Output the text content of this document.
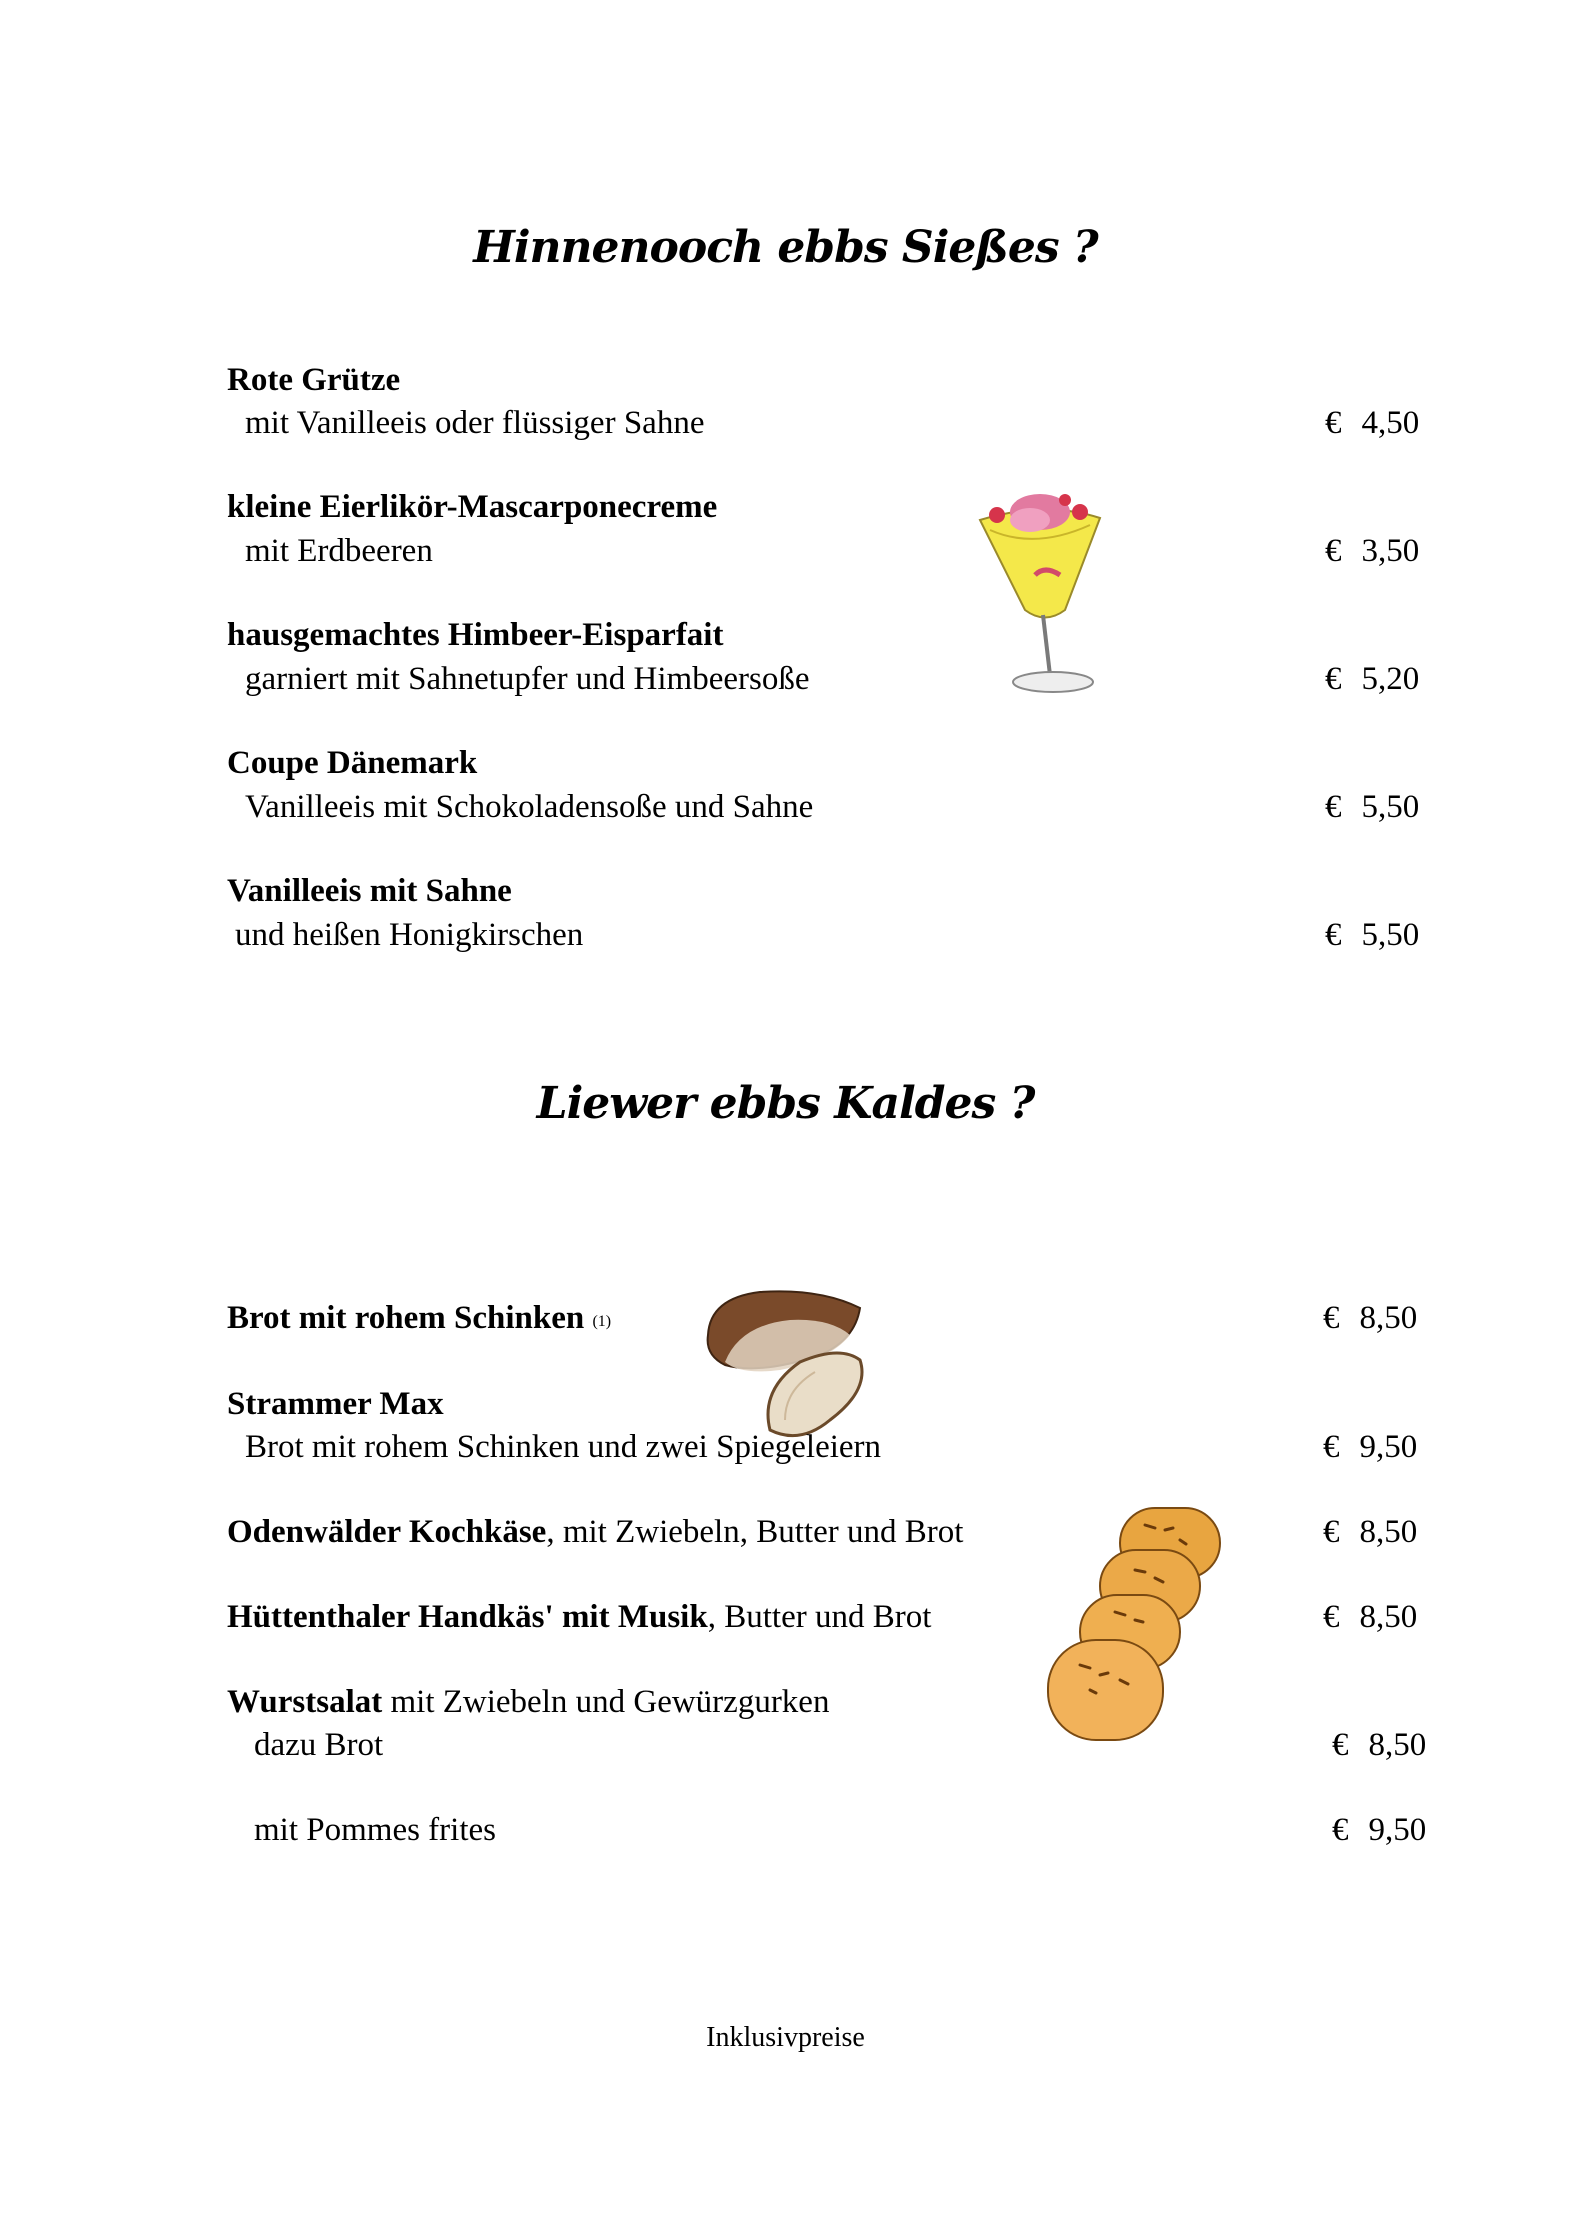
Hinnenooch ebbs Sießes ?
Rote Grütze
mit Vanilleeis oder flüssiger Sahne	€ 4,50
kleine Eierlikör-Mascarponecreme
mit Erdbeeren	€ 3,50
hausgemachtes Himbeer-Eisparfait
garniert mit Sahnetupfer und Himbeersoße	€ 5,20
Coupe Dänemark
Vanilleeis mit Schokoladensoße und Sahne	€ 5,50
Vanilleeis mit Sahne
und heißen Honigkirschen	€ 5,50
Liewer ebbs Kaldes ?
Brot mit rohem Schinken (1)	€ 8,50
Strammer Max
Brot mit rohem Schinken und zwei Spiegeleiern	€ 9,50
Odenwälder Kochkäse, mit Zwiebeln, Butter und Brot	€ 8,50
Hüttenthaler Handkäs' mit Musik, Butter und Brot	€ 8,50
Wurstsalat mit Zwiebeln und Gewürzgurken
dazu Brot	€ 8,50
mit Pommes frites	€ 9,50
Inklusivpreise
